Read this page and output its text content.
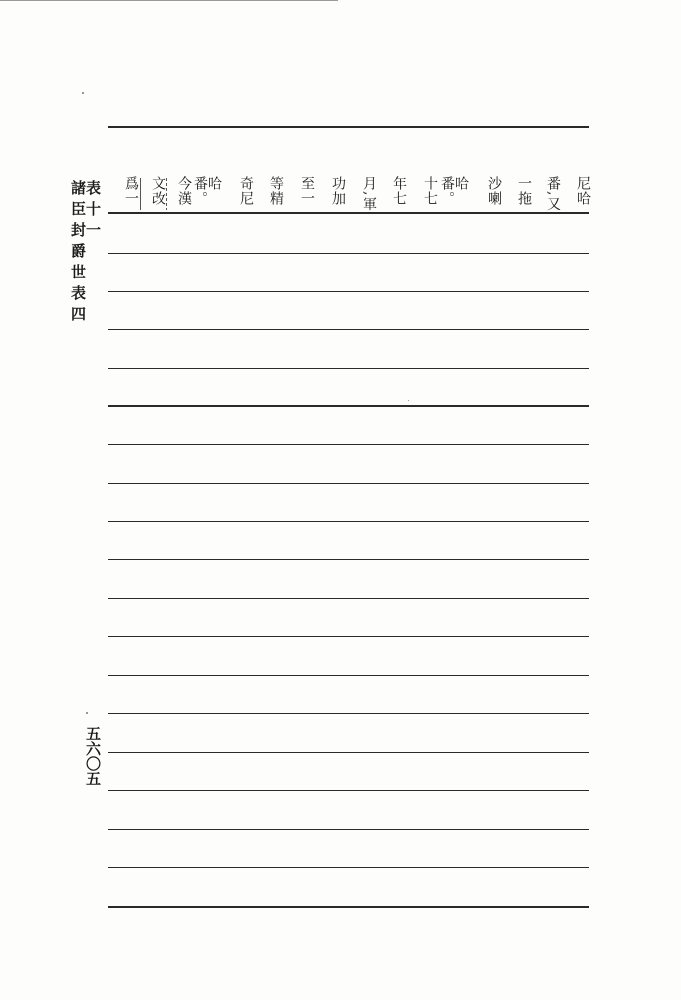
表十一
諸臣封爵世表四
五六〇五
尼哈
番,又
一拖
沙喇
哈番。
十七
年七
月,軍
功加
至一
等精
奇尼
哈番。
今漢
文改
爲一
